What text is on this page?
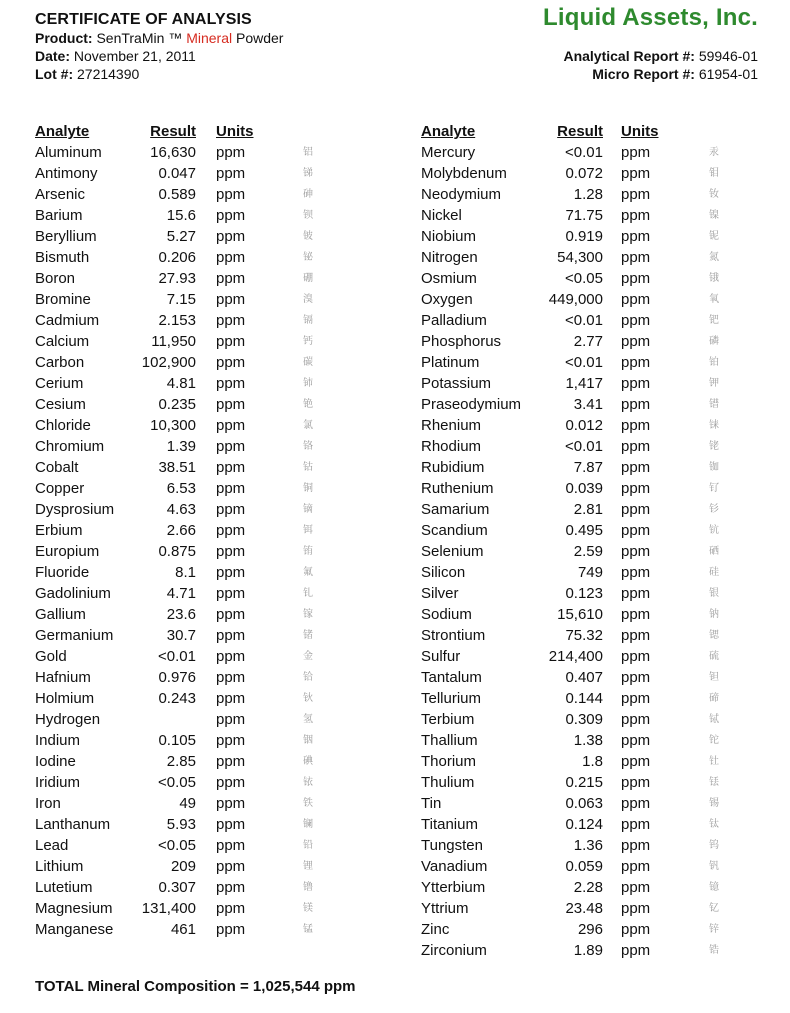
CERTIFICATE OF ANALYSIS
Product: SenTraMin ™ Mineral Powder
Date: November 21, 2011
Lot #: 27214390
Liquid Assets, Inc.
Analytical Report #: 59946-01
Micro Report #: 61954-01
Analyte	Result Units
Aluminum	16,630 ppm	铝
Antimony	0.047 ppm	锑
Arsenic	0.589 ppm	砷
Barium	15.6 ppm	钡
Beryllium	5.27 ppm	铍
Bismuth	0.206 ppm	铋
Boron	27.93 ppm	硼
Bromine	7.15 ppm	溴
Cadmium	2.153 ppm	镉
Calcium	11,950 ppm	钙
Carbon	102,900 ppm	碳
Cerium	4.81 ppm	铈
Cesium	0.235 ppm	铯
Chloride	10,300 ppm	氯
Chromium	1.39 ppm	铬
Cobalt	38.51 ppm	钴
Copper	6.53 ppm	铜
Dysprosium	4.63 ppm	镝
Erbium	2.66 ppm	铒
Europium	0.875 ppm	铕
Fluoride	8.1 ppm	氟
Gadolinium	4.71 ppm	钆
Gallium	23.6 ppm	镓
Germanium	30.7 ppm	锗
Gold	<0.01 ppm	金
Hafnium	0.976 ppm	铪
Holmium	0.243 ppm	钬
Hydrogen	ppm	氢
Indium	0.105 ppm	铟
Iodine	2.85 ppm	碘
Iridium	<0.05 ppm	铱
Iron	49 ppm	铁
Lanthanum	5.93 ppm	镧
Lead	<0.05 ppm	铅
Lithium	209 ppm	锂
Lutetium	0.307 ppm	镥
Magnesium 131,400 ppm	镁
Manganese	461 ppm	锰
Analyte	Result Units
Mercury	<0.01 ppm	汞
Molybdenum	0.072 ppm	钼
Neodymium	1.28 ppm	钕
Nickel	71.75 ppm	镍
Niobium	0.919 ppm	铌
Nitrogen	54,300 ppm	氮
Osmium	<0.05 ppm	锇
Oxygen	449,000 ppm	氧
Palladium	<0.01 ppm	钯
Phosphorus	2.77 ppm	磷
Platinum	<0.01 ppm	铂
Potassium	1,417 ppm	钾
Praseodymium	3.41 ppm	镨
Rhenium	0.012 ppm	铼
Rhodium	<0.01 ppm	铑
Rubidium	7.87 ppm	铷
Ruthenium	0.039 ppm	钌
Samarium	2.81 ppm	钐
Scandium	0.495 ppm	钪
Selenium	2.59 ppm	硒
Silicon	749 ppm	硅
Silver	0.123 ppm	银
Sodium	15,610 ppm	钠
Strontium	75.32 ppm	锶
Sulfur	214,400 ppm	硫
Tantalum	0.407 ppm	钽
Tellurium	0.144 ppm	碲
Terbium	0.309 ppm	铽
Thallium	1.38 ppm	铊
Thorium	1.8 ppm	钍
Thulium	0.215 ppm	铥
Tin	0.063 ppm	锡
Titanium	0.124 ppm	钛
Tungsten	1.36 ppm	钨
Vanadium	0.059 ppm	钒
Ytterbium	2.28 ppm	镱
Yttrium	23.48 ppm	钇
Zinc	296 ppm	锌
Zirconium	1.89 ppm	锆
TOTAL Mineral Composition = 1,025,544 ppm
